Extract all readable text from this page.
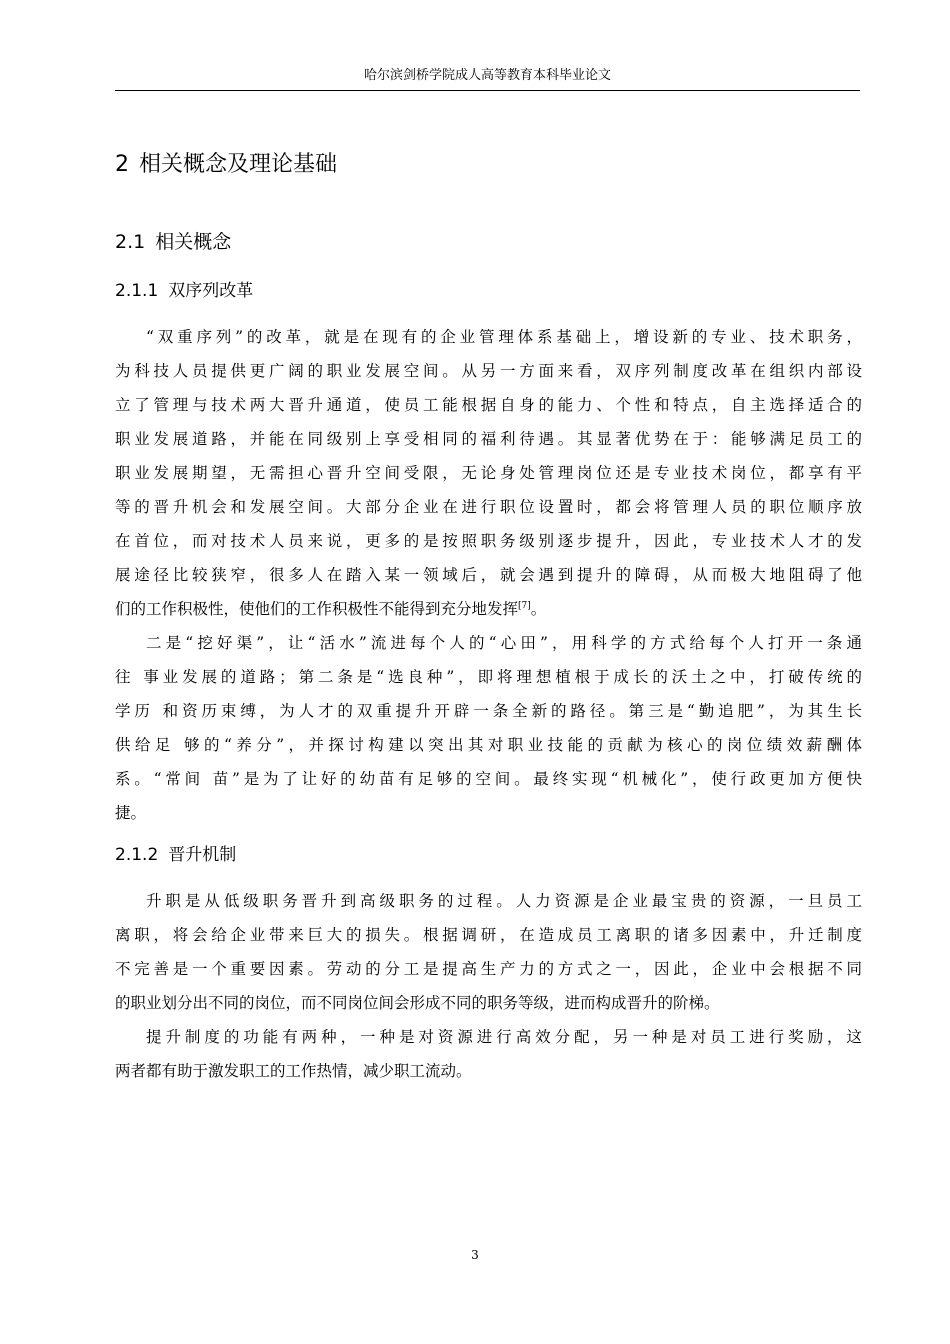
哈尔滨剑桥学院成人高等教育本科毕业论文
2 相关概念及理论基础
2.1 相关概念
2.1.1 双序列改革
“双重序列”的改革，就是在现有的企业管理体系基础上，增设新的专业、技术职务，
为科技人员提供更广阔的职业发展空间。从另一方面来看，双序列制度改革在组织内部设
立了管理与技术两大晋升通道，使员工能根据自身的能力、个性和特点，自主选择适合的
职业发展道路，并能在同级别上享受相同的福利待遇。其显著优势在于：能够满足员工的
职业发展期望，无需担心晋升空间受限，无论身处管理岗位还是专业技术岗位，都享有平
等的晋升机会和发展空间。大部分企业在进行职位设置时，都会将管理人员的职位顺序放
在首位，而对技术人员来说，更多的是按照职务级别逐步提升，因此，专业技术人才的发
展途径比较狭窄，很多人在踏入某一领域后，就会遇到提升的障碍，从而极大地阻碍了他
们的工作积极性，使他们的工作积极性不能得到充分地发挥[7]。
二是“挖好渠”，让“活水”流进每个人的“心田”，用科学的方式给每个人打开一条通
往 事业发展的道路；第二条是“选良种”，即将理想植根于成长的沃土之中，打破传统的
学历 和资历束缚，为人才的双重提升开辟一条全新的路径。第三是“勤追肥”，为其生长
供给足 够的“养分”，并探讨构建以突出其对职业技能的贡献为核心的岗位绩效薪酬体
系。“常间 苗”是为了让好的幼苗有足够的空间。最终实现“机械化”，使行政更加方便快
捷。
2.1.2 晋升机制
升职是从低级职务晋升到高级职务的过程。人力资源是企业最宝贵的资源，一旦员工
离职，将会给企业带来巨大的损失。根据调研，在造成员工离职的诸多因素中，升迁制度
不完善是一个重要因素。劳动的分工是提高生产力的方式之一，因此，企业中会根据不同
的职业划分出不同的岗位，而不同岗位间会形成不同的职务等级，进而构成晋升的阶梯。
提升制度的功能有两种，一种是对资源进行高效分配，另一种是对员工进行奖励，这
两者都有助于激发职工的工作热情，减少职工流动。
3
